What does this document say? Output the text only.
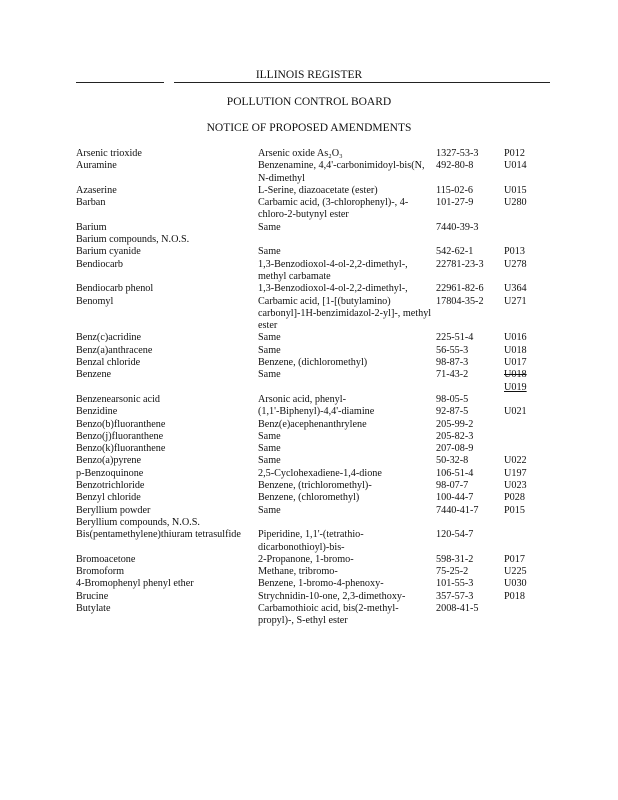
ILLINOIS REGISTER
POLLUTION CONTROL BOARD
NOTICE OF PROPOSED AMENDMENTS
Arsenic trioxide	Arsenic oxide As₂O₃	1327-53-3	P012
Auramine	Benzenamine, 4,4'-carbonimidoyl-bis(N, N-dimethyl	492-80-8	U014
Azaserine	L-Serine, diazoacetate (ester)	115-02-6	U015
Barban	Carbamic acid, (3-chlorophenyl)-, 4-chloro-2-butynyl ester	101-27-9	U280
Barium	Same	7440-39-3	
Barium compounds, N.O.S.			
Barium cyanide	Same	542-62-1	P013
Bendiocarb	1,3-Benzodioxol-4-ol-2,2-dimethyl-, methyl carbamate	22781-23-3	U278
Bendiocarb phenol	1,3-Benzodioxol-4-ol-2,2-dimethyl-,	22961-82-6	U364
Benomyl	Carbamic acid, [1-[(butylamino) carbonyl]-1H-benzimidazol-2-yl]-, methyl ester	17804-35-2	U271
Benz(c)acridine	Same	225-51-4	U016
Benz(a)anthracene	Same	56-55-3	U018
Benzal chloride	Benzene, (dichloromethyl)	98-87-3	U017
Benzene	Same	71-43-2	U018
U019
Benzenearsonic acid	Arsonic acid, phenyl-	98-05-5	
Benzidine	(1,1'-Biphenyl)-4,4'-diamine	92-87-5	U021
Benzo(b)fluoranthene	Benz(e)acephenanthrylene	205-99-2	
Benzo(j)fluoranthene	Same	205-82-3	
Benzo(k)fluoranthene	Same	207-08-9	
Benzo(a)pyrene	Same	50-32-8	U022
p-Benzoquinone	2,5-Cyclohexadiene-1,4-dione	106-51-4	U197
Benzotrichloride	Benzene, (trichloromethyl)-	98-07-7	U023
Benzyl chloride	Benzene, (chloromethyl)	100-44-7	P028
Beryllium powder	Same	7440-41-7	P015
Beryllium compounds, N.O.S.			
Bis(pentamethylene)thiuram tetrasulfide	Piperidine, 1,1'-(tetrathio-dicarbonothioyl)-bis-	120-54-7	
Bromoacetone	2-Propanone, 1-bromo-	598-31-2	P017
Bromoform	Methane, tribromo-	75-25-2	U225
4-Bromophenyl phenyl ether	Benzene, 1-bromo-4-phenoxy-	101-55-3	U030
Brucine	Strychnidin-10-one, 2,3-dimethoxy-	357-57-3	P018
Butylate	Carbamothioic acid, bis(2-methyl-propyl)-, S-ethyl ester	2008-41-5	
